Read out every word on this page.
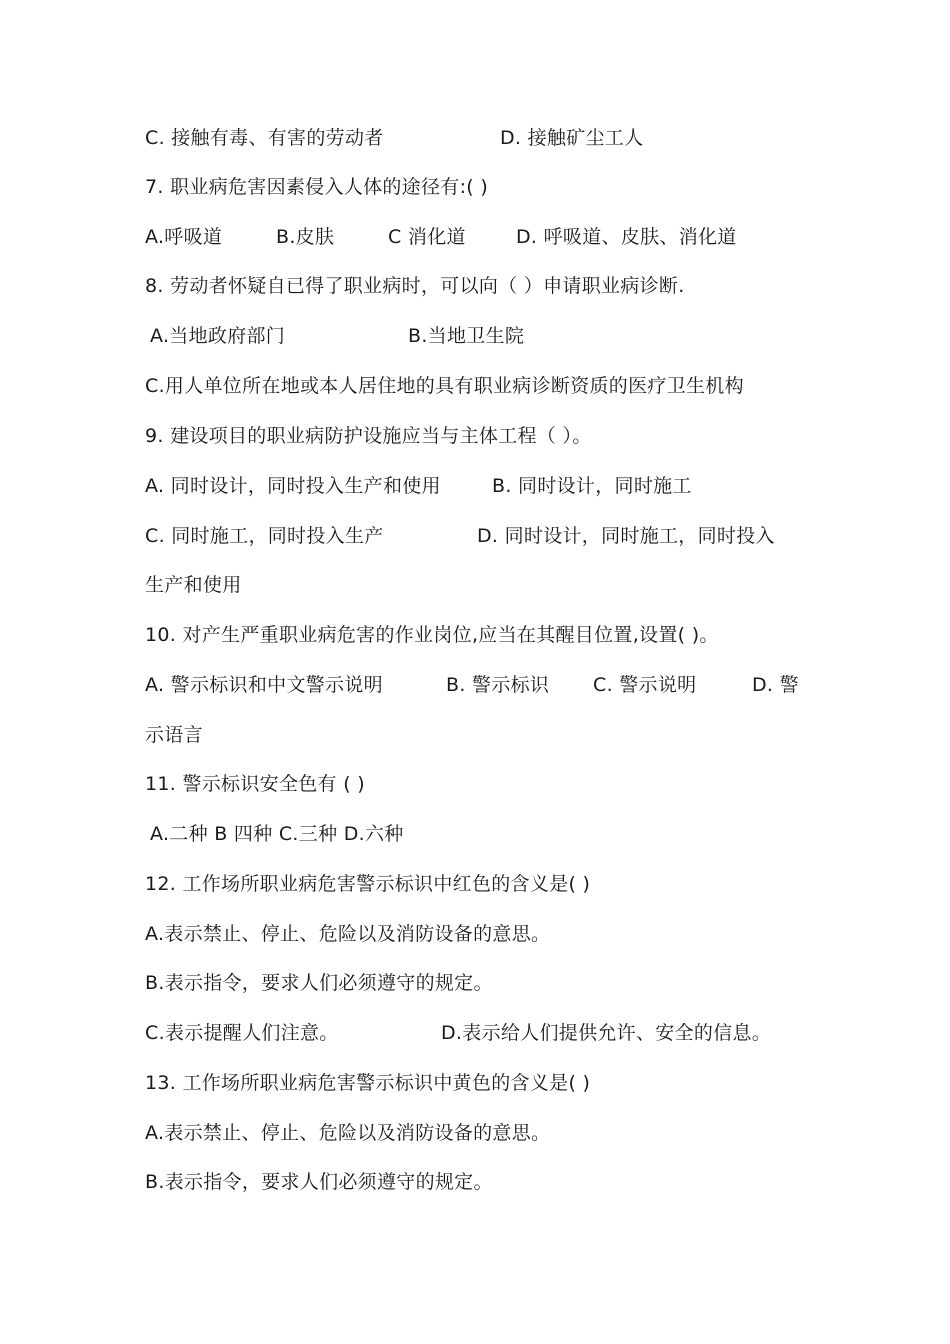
C. 接触有毒、有害的劳动者	D. 接触矿尘工人
7. 职业病危害因素侵入人体的途径有:( )
A.呼吸道	B.皮肤	C 消化道	D. 呼吸道、皮肤、消化道
8. 劳动者怀疑自已得了职业病时，可以向（ ）申请职业病诊断.
A.当地政府部门	B.当地卫生院
C.用人单位所在地或本人居住地的具有职业病诊断资质的医疗卫生机构
9. 建设项目的职业病防护设施应当与主体工程（ ）。
A. 同时设计，同时投入生产和使用	B. 同时设计，同时施工
C. 同时施工，同时投入生产	D. 同时设计，同时施工，同时投入
生产和使用
10. 对产生严重职业病危害的作业岗位,应当在其醒目位置,设置( )。
A. 警示标识和中文警示说明	B. 警示标识 C. 警示说明	D. 警
示语言
11. 警示标识安全色有 ( )
A.二种 B 四种 C.三种 D.六种
12. 工作场所职业病危害警示标识中红色的含义是( )
A.表示禁止、停止、危险以及消防设备的意思。
B.表示指令，要求人们必须遵守的规定。
C.表示提醒人们注意。	D.表示给人们提供允许、安全的信息。
13. 工作场所职业病危害警示标识中黄色的含义是( )
A.表示禁止、停止、危险以及消防设备的意思。
B.表示指令，要求人们必须遵守的规定。
